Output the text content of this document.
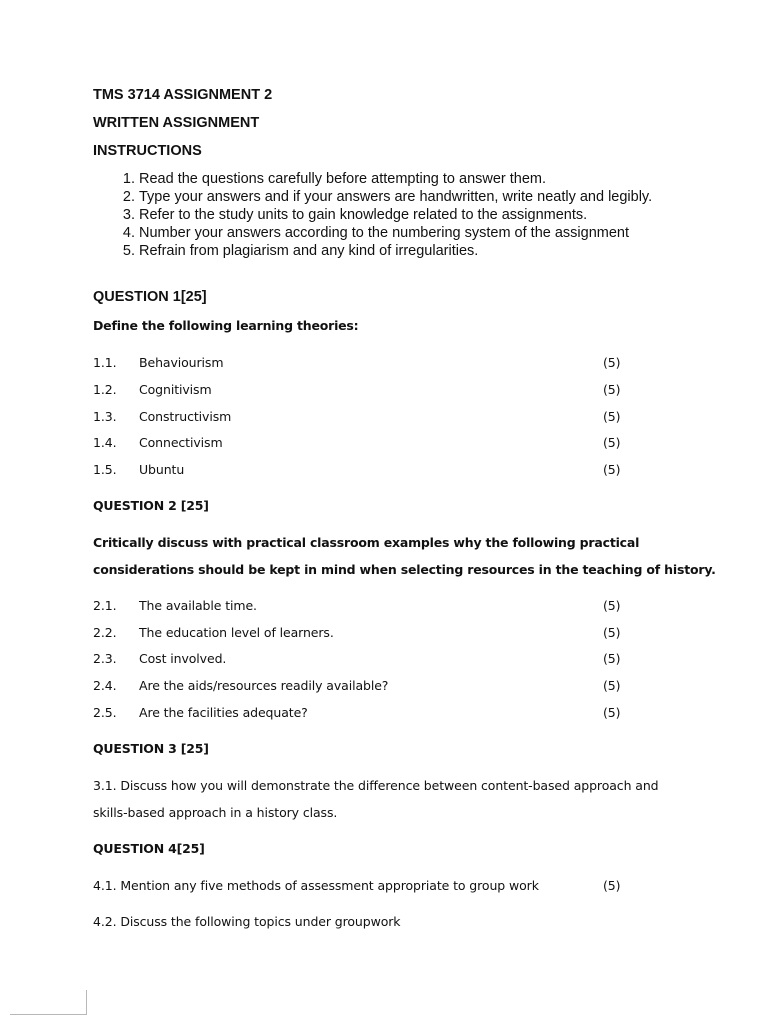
TMS 3714 ASSIGNMENT 2
WRITTEN ASSIGNMENT
INSTRUCTIONS
1. Read the questions carefully before attempting to answer them.
2. Type your answers and if your answers are handwritten, write neatly and legibly.
3. Refer to the study units to gain knowledge related to the assignments.
4. Number your answers according to the numbering system of the assignment
5. Refrain from plagiarism and any kind of irregularities.
QUESTION 1[25]
Define the following learning theories:
1.1. Behaviourism	(5)
1.2. Cognitivism	(5)
1.3. Constructivism	(5)
1.4. Connectivism	(5)
1.5. Ubuntu	(5)
QUESTION 2 [25]
Critically discuss with practical classroom examples why the following practical
considerations should be kept in mind when selecting resources in the teaching of history.
2.1. The available time.	(5)
2.2. The education level of learners.	(5)
2.3. Cost involved.	(5)
2.4. Are the aids/resources readily available?	(5)
2.5. Are the facilities adequate?	(5)
QUESTION 3 [25]
3.1. Discuss how you will demonstrate the difference between content-based approach and
skills-based approach in a history class.
QUESTION 4[25]
4.1. Mention any five methods of assessment appropriate to group work	(5)
4.2. Discuss the following topics under groupwork
